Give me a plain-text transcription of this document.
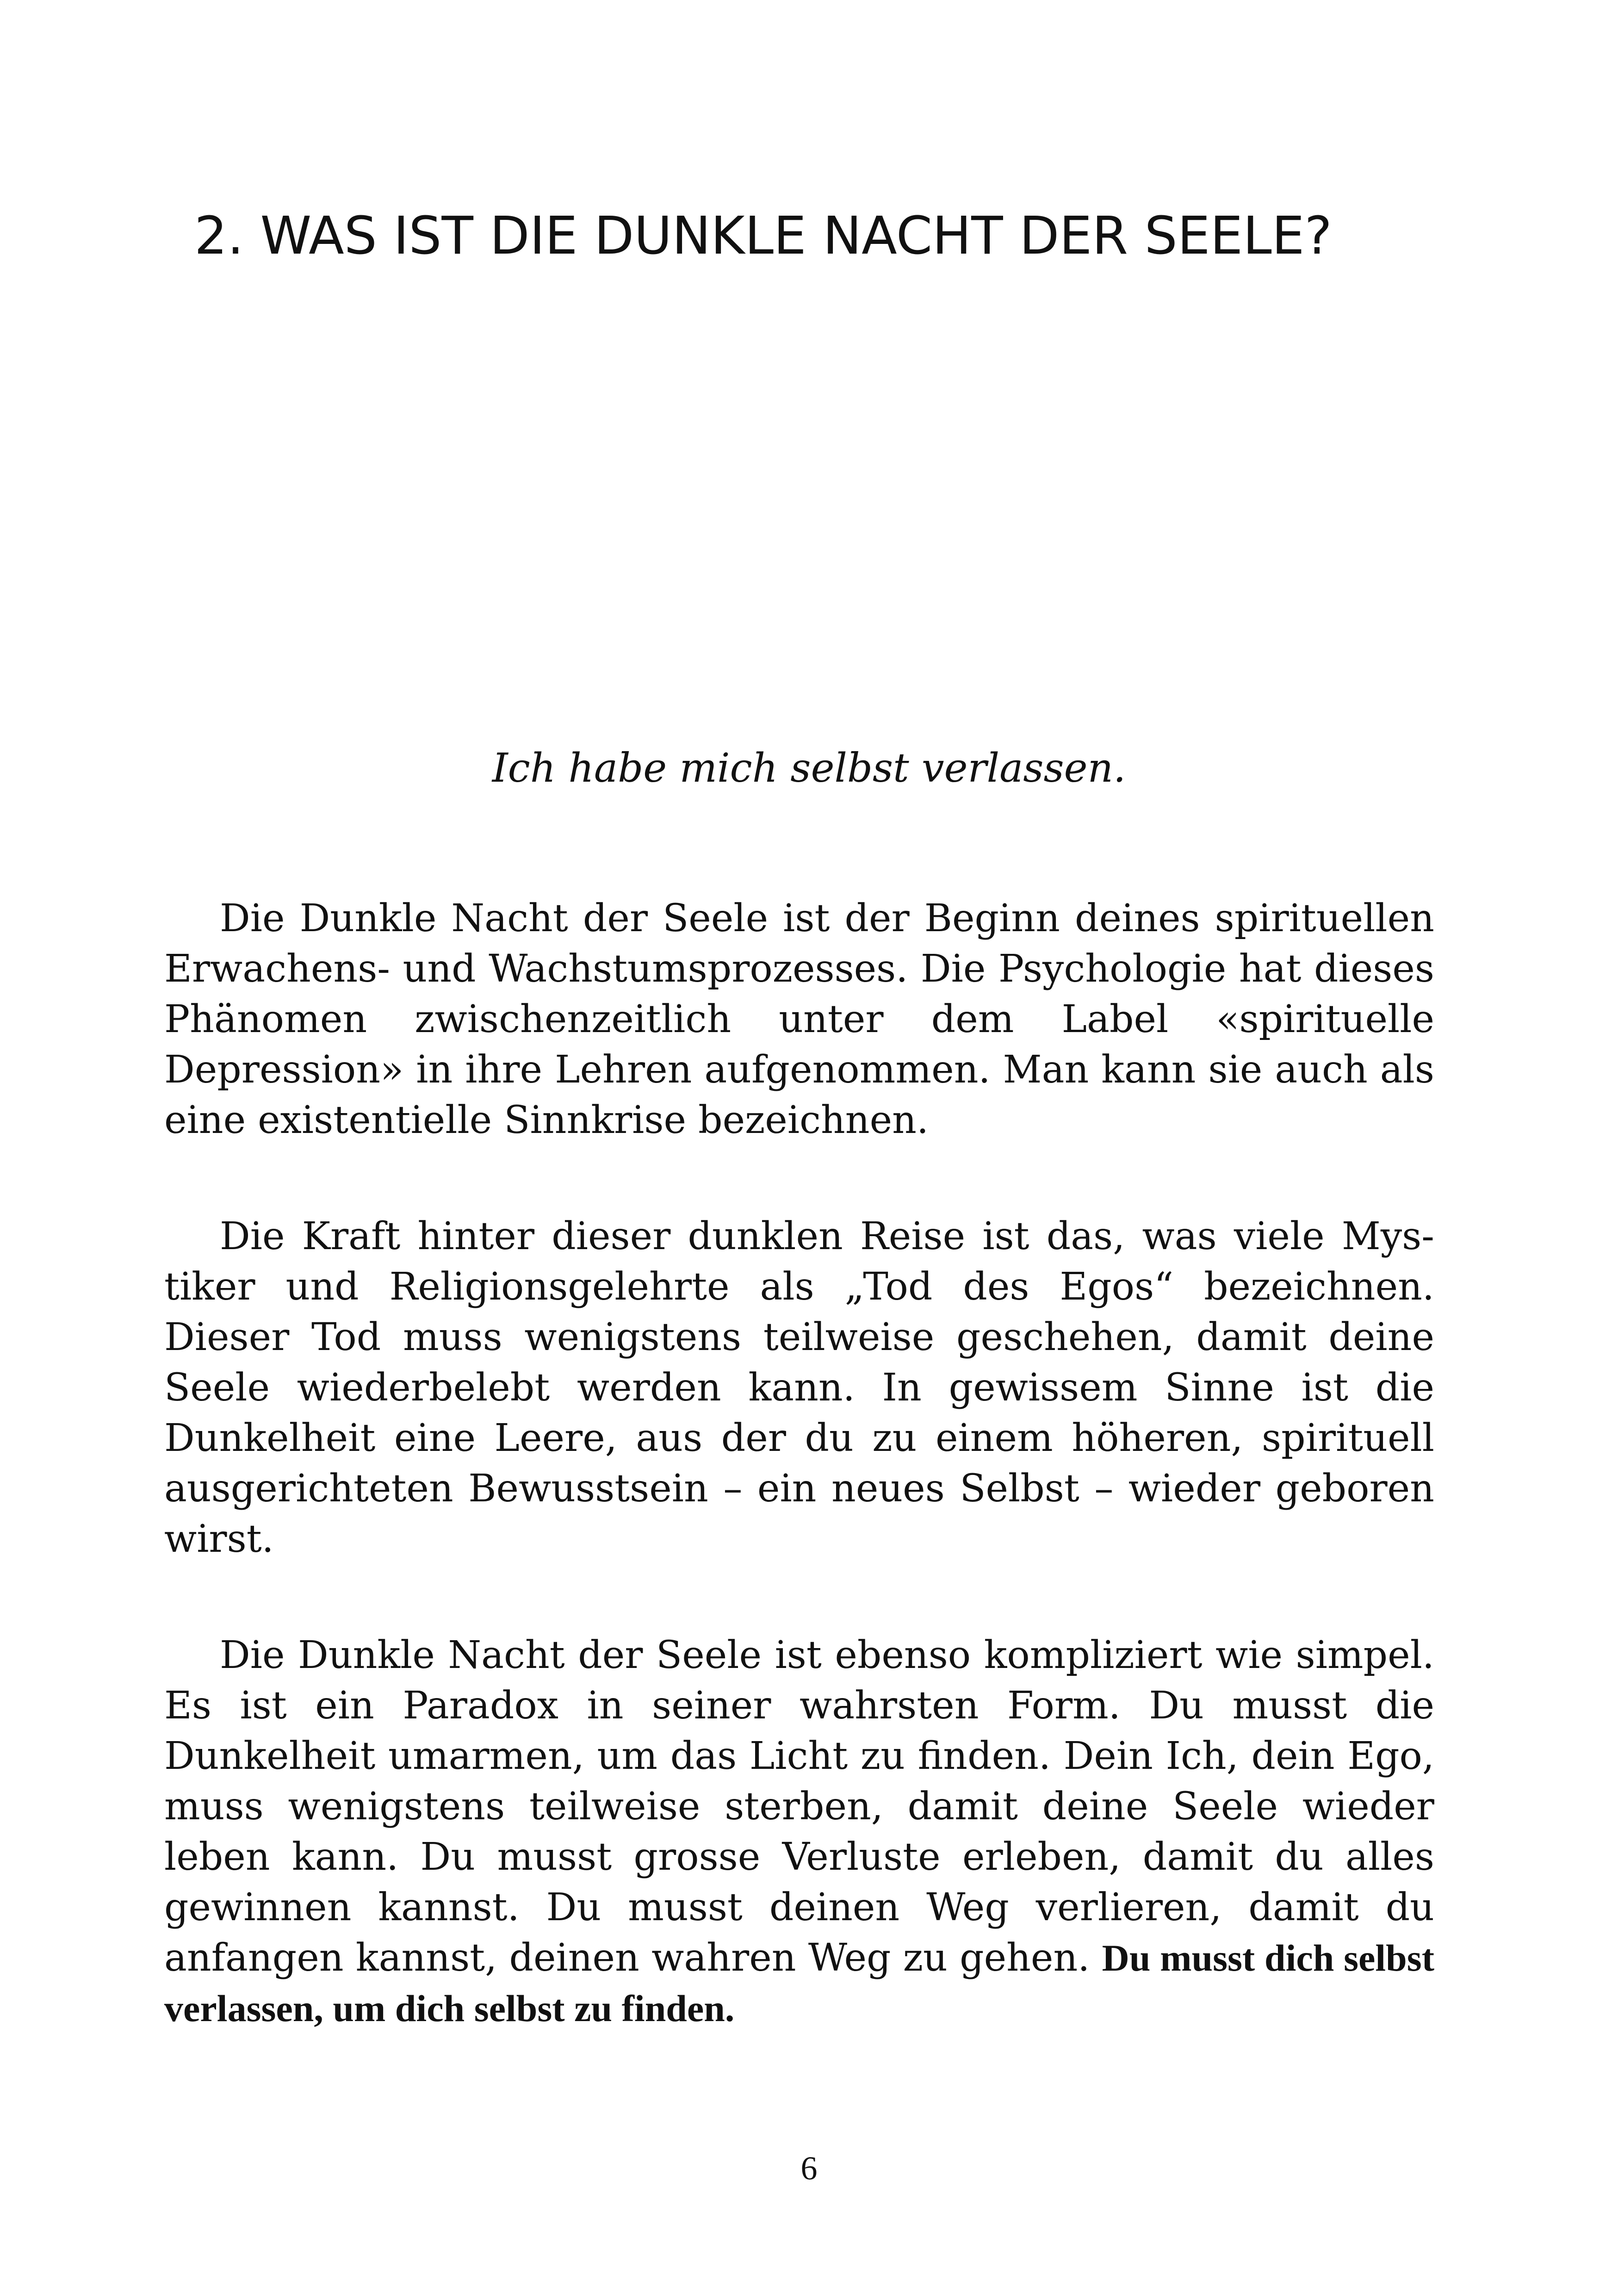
2. WAS IST DIE DUNKLE NACHT DER SEELE?

Ich habe mich selbst verlassen.

Die Dunkle Nacht der Seele ist der Beginn deines spirituellen Erwachens- und Wachstumsprozesses. Die Psychologie hat dieses Phänomen zwischenzeitlich unter dem Label «spirituelle Depression» in ihre Lehren aufgenommen. Man kann sie auch als eine existentielle Sinnkrise bezeichnen.

Die Kraft hinter dieser dunklen Reise ist das, was viele Mystiker und Religionsgelehrte als „Tod des Egos“ bezeichnen. Dieser Tod muss wenigstens teilweise geschehen, damit deine Seele wiederbelebt werden kann. In gewissem Sinne ist die Dunkelheit eine Leere, aus der du zu einem höheren, spirituell ausgerichteten Bewusstsein – ein neues Selbst – wieder geboren wirst.

Die Dunkle Nacht der Seele ist ebenso kompliziert wie simpel. Es ist ein Paradox in seiner wahrsten Form. Du musst die Dunkelheit umarmen, um das Licht zu finden. Dein Ich, dein Ego, muss wenigstens teilweise sterben, damit deine Seele wieder leben kann. Du musst grosse Verluste erleben, damit du alles gewinnen kannst. Du musst deinen Weg verlieren, damit du anfangen kannst, deinen wahren Weg zu gehen. Du musst dich selbst verlassen, um dich selbst zu finden.

6
